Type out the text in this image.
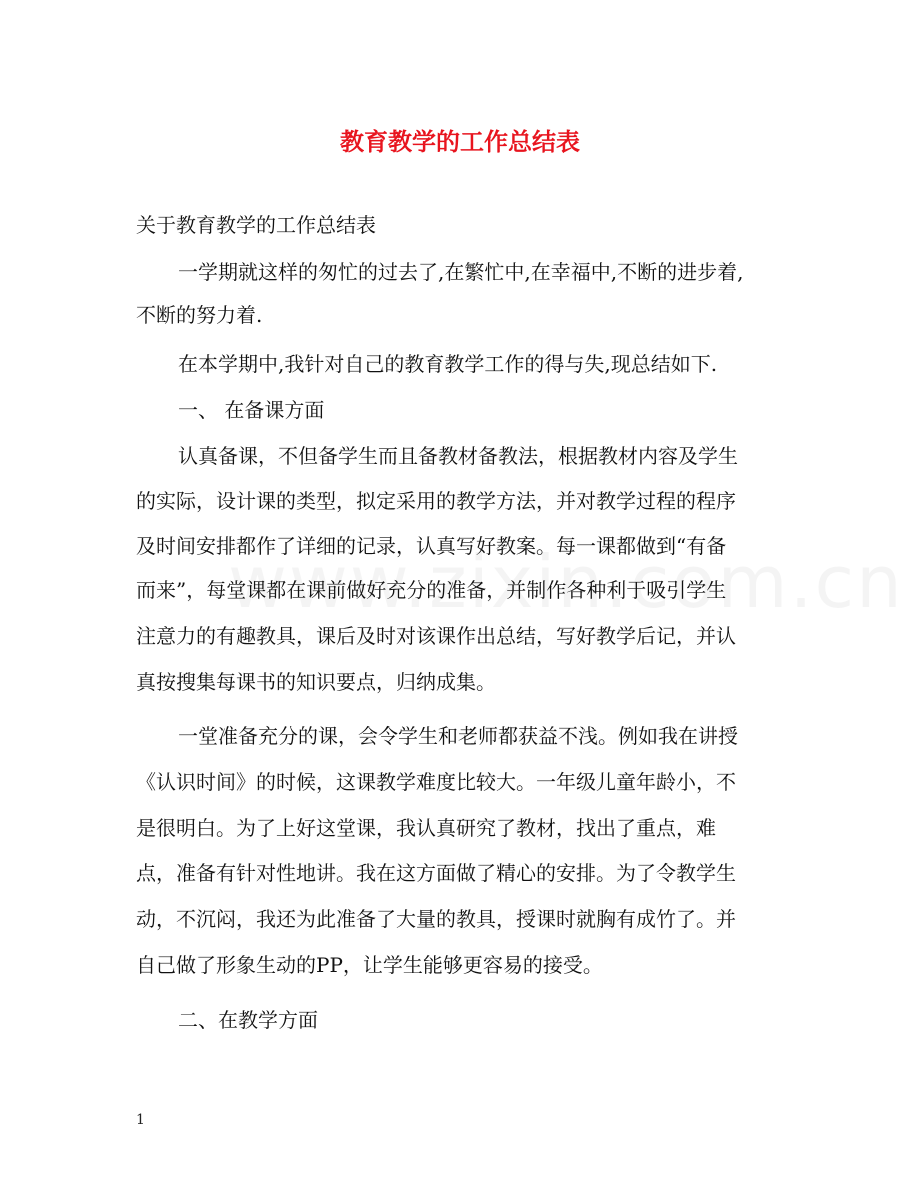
教育教学的工作总结表
关于教育教学的工作总结表
一学期就这样的匆忙的过去了,在繁忙中,在幸福中,不断的进步着,
不断的努力着.
在本学期中,我针对自己的教育教学工作的得与失,现总结如下.
一、 在备课方面
认真备课，不但备学生而且备教材备教法，根据教材内容及学生
的实际，设计课的类型，拟定采用的教学方法，并对教学过程的程序
及时间安排都作了详细的记录，认真写好教案。每一课都做到“有备
而来”，每堂课都在课前做好充分的准备，并制作各种利于吸引学生
注意力的有趣教具，课后及时对该课作出总结，写好教学后记，并认
真按搜集每课书的知识要点，归纳成集。
一堂准备充分的课，会令学生和老师都获益不浅。例如我在讲授
《认识时间》的时候，这课教学难度比较大。一年级儿童年龄小，不
是很明白。为了上好这堂课，我认真研究了教材，找出了重点，难
点，准备有针对性地讲。我在这方面做了精心的安排。为了令教学生
动，不沉闷，我还为此准备了大量的教具，授课时就胸有成竹了。并
自己做了形象生动的PP，让学生能够更容易的接受。
二、在教学方面
1
